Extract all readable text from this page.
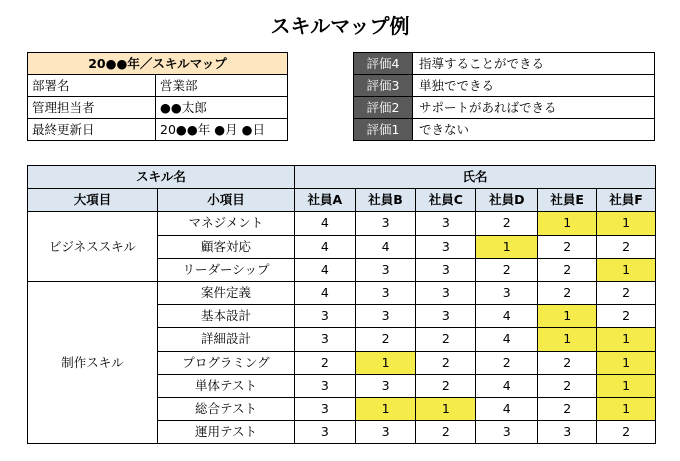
スキルマップ例
20●●年／スキルマップ	
部署名	営業部
管理担当者	●●太郎
最終更新日	20●●年 ●月 ●日
評価4	指導することができる
評価3	単独でできる
評価2	サポートがあればできる
評価1	できない
スキル名		氏名					
大項目	小項目	社員A	社員B	社員C	社員D	社員E	社員F
ビジネススキル	マネジメント	4	3	3	2	1	1
	顧客対応	4	4	3	1	2	2
	リーダーシップ	4	3	3	2	2	1
制作スキル	案件定義	4	3	3	3	2	2
	基本設計	3	3	3	4	1	2
	詳細設計	3	2	2	4	1	1
	プログラミング	2	1	2	2	2	1
	単体テスト	3	3	2	4	2	1
	総合テスト	3	1	1	4	2	1
	運用テスト	3	3	2	3	3	2
